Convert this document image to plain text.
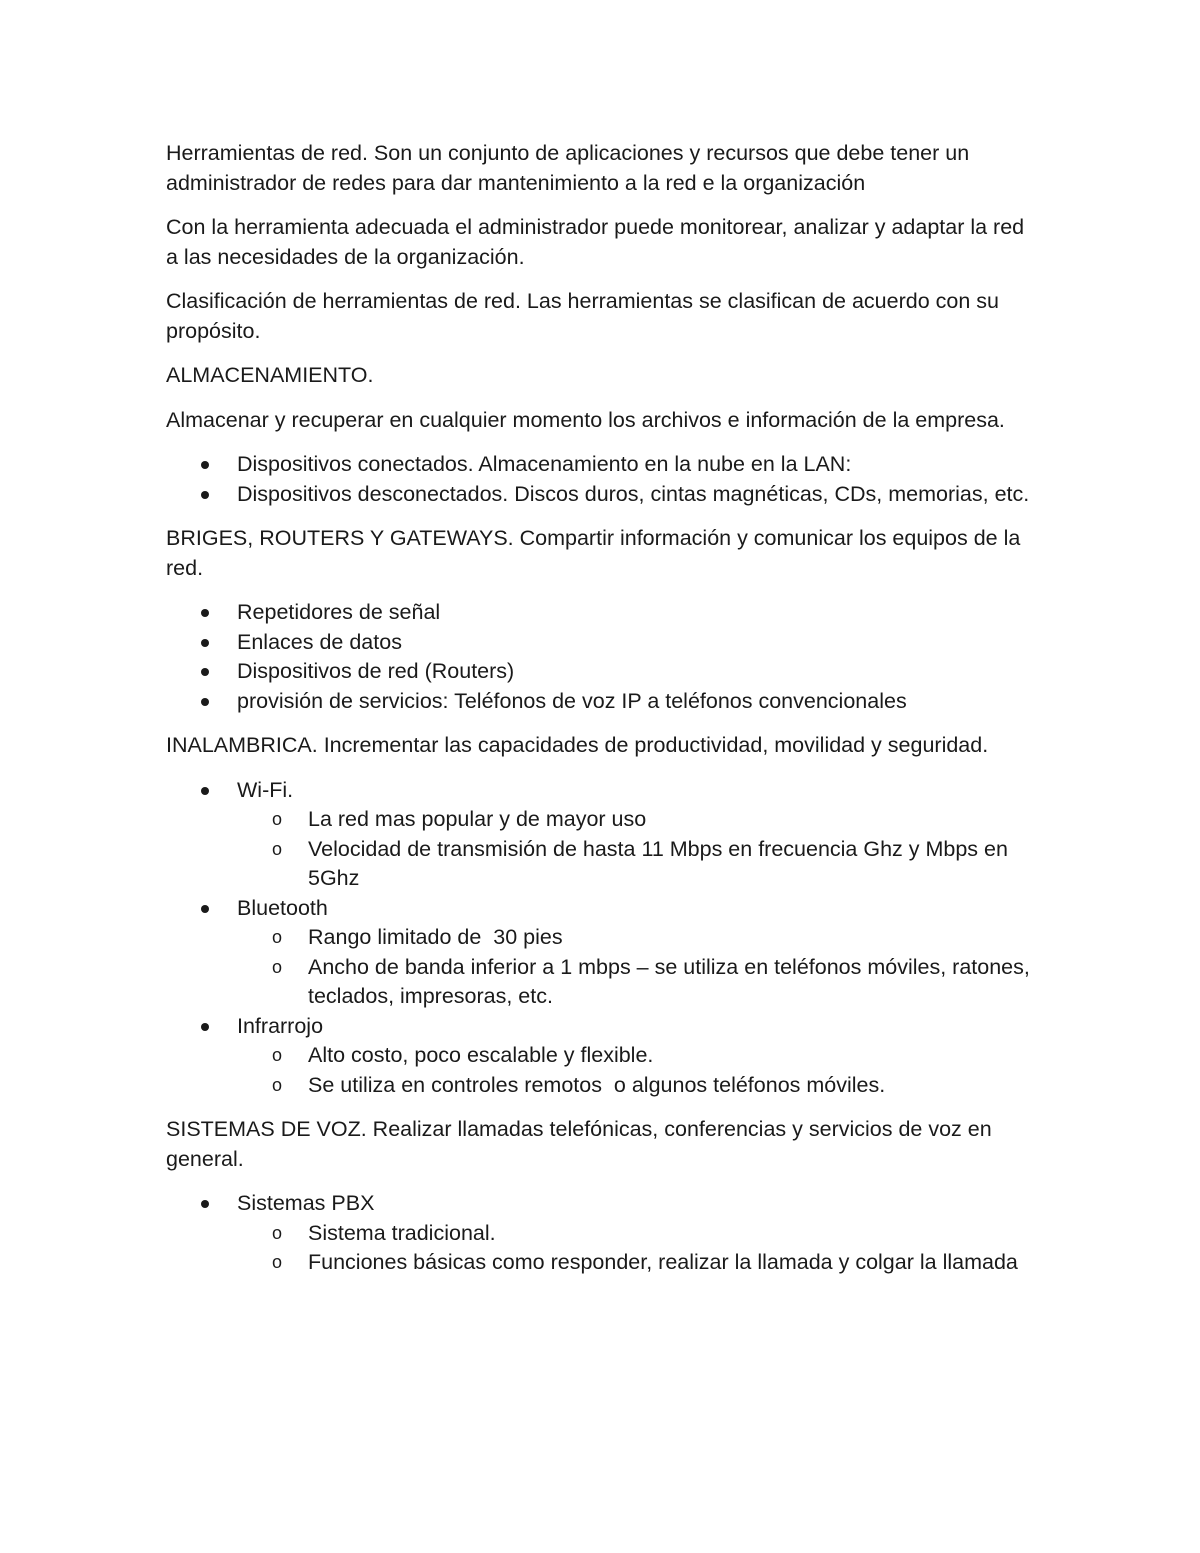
Herramientas de red. Son un conjunto de aplicaciones y recursos que debe tener un administrador de redes para dar mantenimiento a la red e la organización

Con la herramienta adecuada el administrador puede monitorear, analizar y adaptar la red a las necesidades de la organización.

Clasificación de herramientas de red. Las herramientas se clasifican de acuerdo con su propósito.

ALMACENAMIENTO.

Almacenar y recuperar en cualquier momento los archivos e información de la empresa.

Dispositivos conectados. Almacenamiento en la nube en la LAN:
Dispositivos desconectados. Discos duros, cintas magnéticas, CDs, memorias, etc.

BRIGES, ROUTERS Y GATEWAYS. Compartir información y comunicar los equipos de la red.

Repetidores de señal
Enlaces de datos
Dispositivos de red (Routers)
provisión de servicios: Teléfonos de voz IP a teléfonos convencionales

INALAMBRICA. Incrementar las capacidades de productividad, movilidad y seguridad.

Wi-Fi.
o La red mas popular y de mayor uso
o Velocidad de transmisión de hasta 11 Mbps en frecuencia Ghz y Mbps en 5Ghz
Bluetooth
o Rango limitado de  30 pies
o Ancho de banda inferior a 1 mbps – se utiliza en teléfonos móviles, ratones, teclados, impresoras, etc.
Infrarrojo
o Alto costo, poco escalable y flexible.
o Se utiliza en controles remotos  o algunos teléfonos móviles.

SISTEMAS DE VOZ. Realizar llamadas telefónicas, conferencias y servicios de voz en general.

Sistemas PBX
o Sistema tradicional.
o Funciones básicas como responder, realizar la llamada y colgar la llamada
